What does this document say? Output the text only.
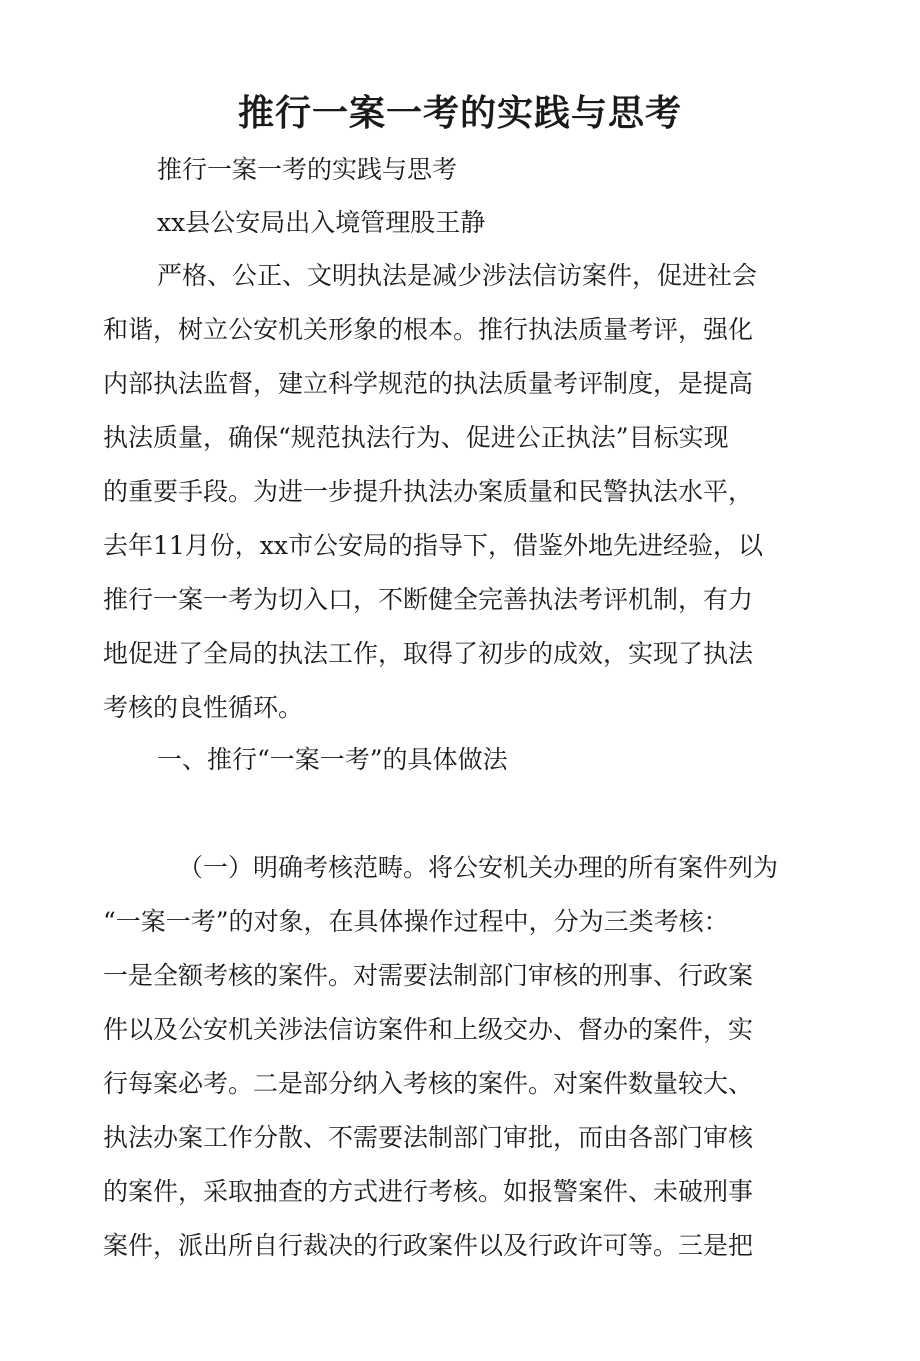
推行一案一考的实践与思考

推行一案一考的实践与思考

xx县公安局出入境管理股王静

严格、公正、文明执法是减少涉法信访案件，促进社会

和谐，树立公安机关形象的根本。推行执法质量考评，强化

内部执法监督，建立科学规范的执法质量考评制度，是提高

执法质量，确保“规范执法行为、促进公正执法”目标实现

的重要手段。为进一步提升执法办案质量和民警执法水平，

去年11月份，xx市公安局的指导下，借鉴外地先进经验，以

推行一案一考为切入口，不断健全完善执法考评机制，有力

地促进了全局的执法工作，取得了初步的成效，实现了执法

考核的良性循环。

一、推行“一案一考”的具体做法

（一）明确考核范畴。将公安机关办理的所有案件列为

“一案一考”的对象，在具体操作过程中，分为三类考核：

一是全额考核的案件。对需要法制部门审核的刑事、行政案

件以及公安机关涉法信访案件和上级交办、督办的案件，实

行每案必考。二是部分纳入考核的案件。对案件数量较大、

执法办案工作分散、不需要法制部门审批，而由各部门审核

的案件，采取抽查的方式进行考核。如报警案件、未破刑事

案件，派出所自行裁决的行政案件以及行政许可等。三是把
